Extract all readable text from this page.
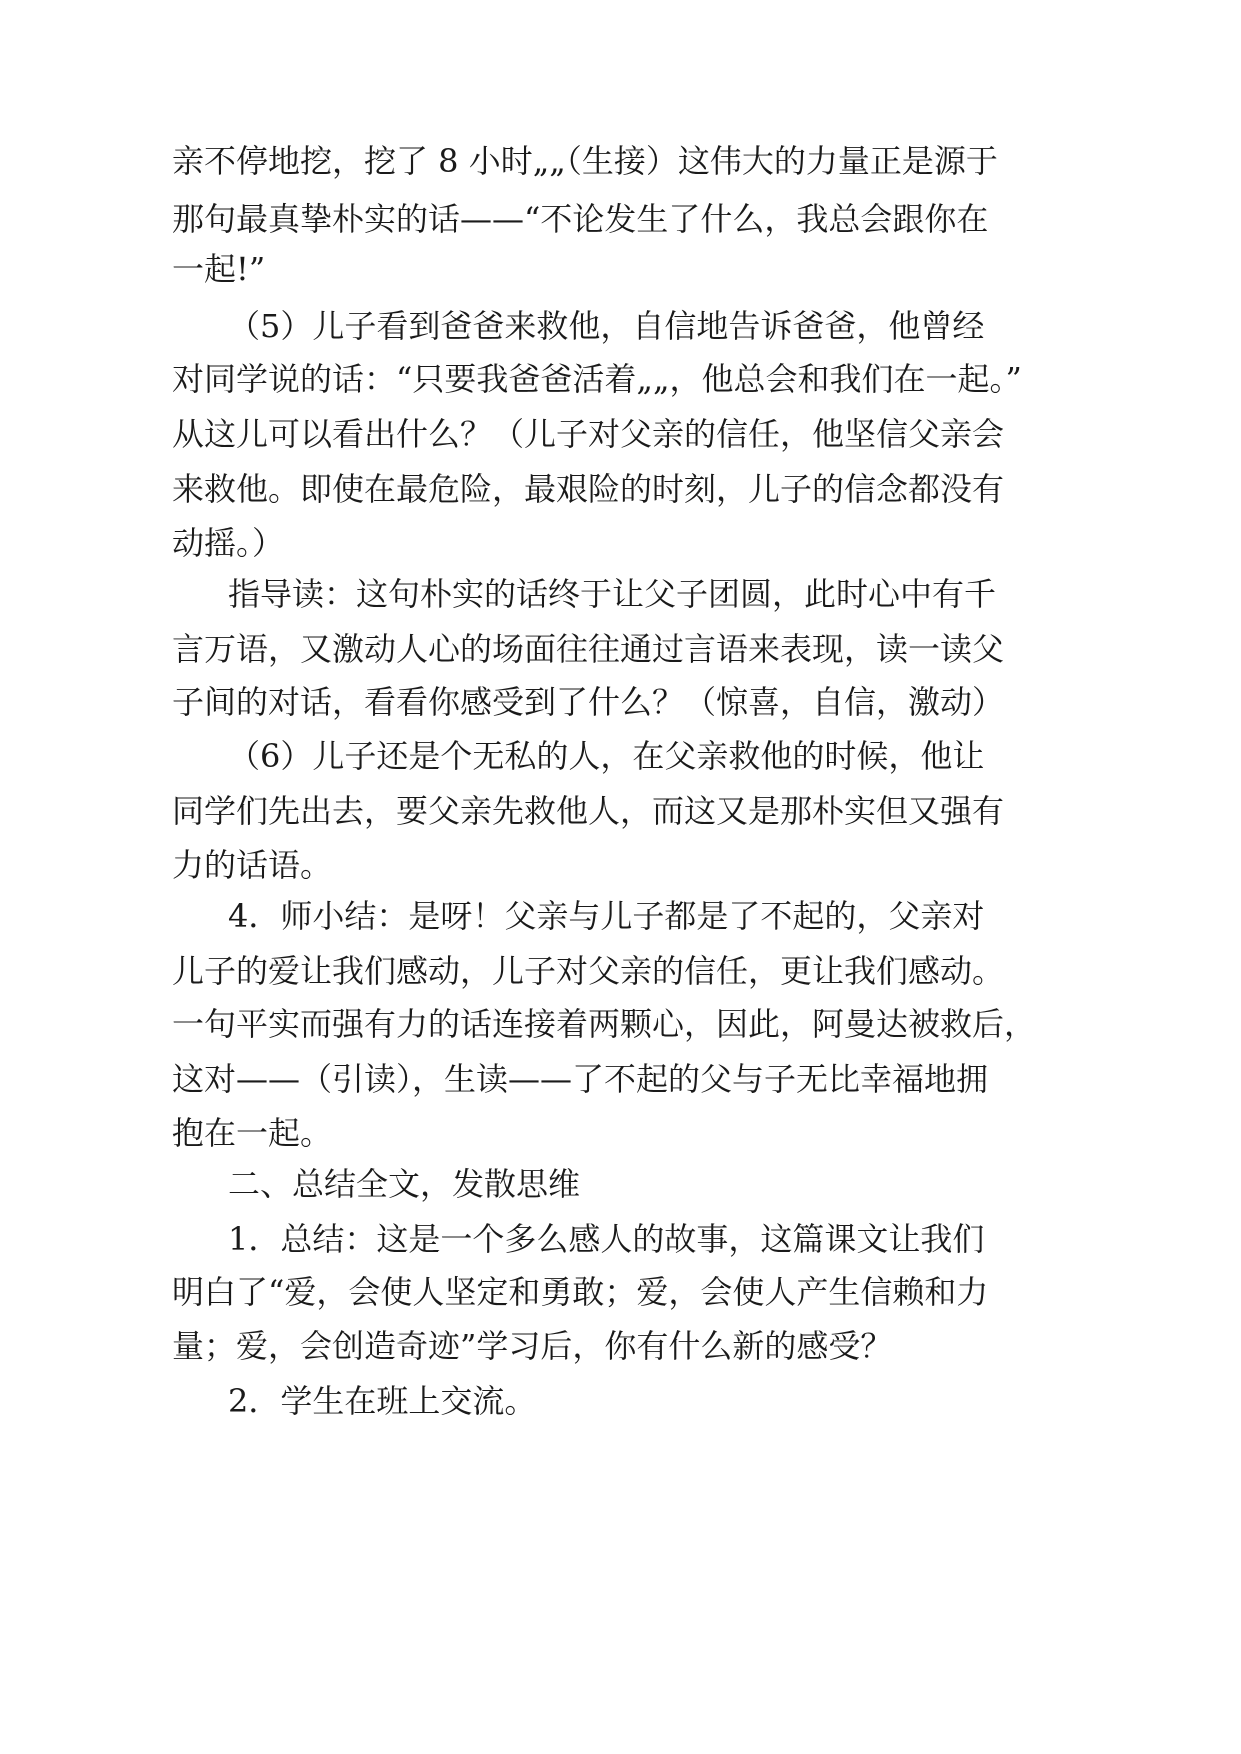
亲不停地挖，挖了 8 小时„„（生接）这伟大的力量正是源于
那句最真挚朴实的话——“不论发生了什么，我总会跟你在
一起!”
（5）儿子看到爸爸来救他，自信地告诉爸爸，他曾经
对同学说的话：“只要我爸爸活着„„，他总会和我们在一起。”
从这儿可以看出什么？（儿子对父亲的信任，他坚信父亲会
来救他。即使在最危险，最艰险的时刻，儿子的信念都没有
动摇。）
指导读：这句朴实的话终于让父子团圆，此时心中有千
言万语，又激动人心的场面往往通过言语来表现，读一读父
子间的对话，看看你感受到了什么？（惊喜，自信，激动）
（6）儿子还是个无私的人，在父亲救他的时候，他让
同学们先出去，要父亲先救他人，而这又是那朴实但又强有
力的话语。
4．师小结：是呀！父亲与儿子都是了不起的，父亲对
儿子的爱让我们感动，儿子对父亲的信任，更让我们感动。
一句平实而强有力的话连接着两颗心，因此，阿曼达被救后，
这对——（引读），生读——了不起的父与子无比幸福地拥
抱在一起。
二、总结全文，发散思维
1．总结：这是一个多么感人的故事，这篇课文让我们
明白了“爱，会使人坚定和勇敢；爱，会使人产生信赖和力
量；爱，会创造奇迹”学习后，你有什么新的感受？
2．学生在班上交流。
